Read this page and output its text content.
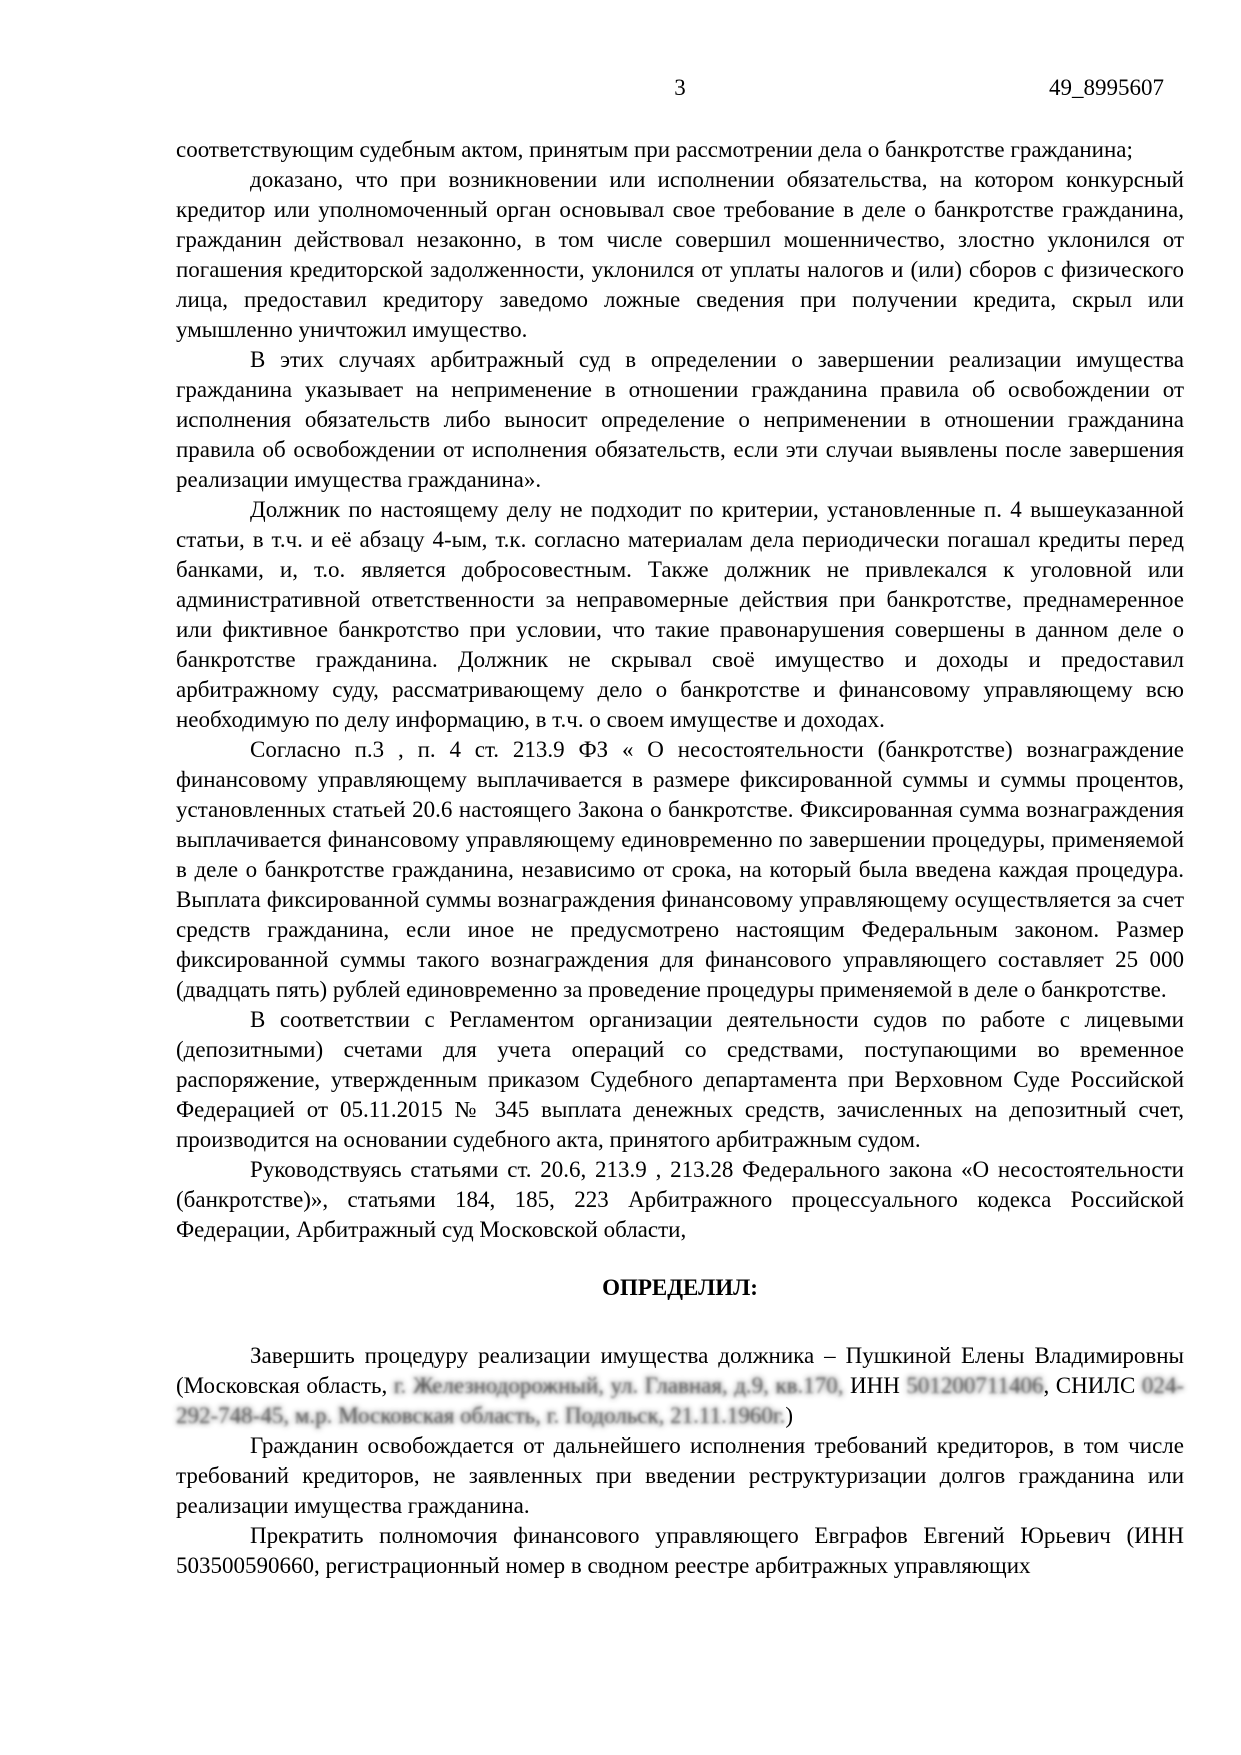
3	49_8995607

соответствующим судебным актом, принятым при рассмотрении дела о банкротстве гражданина;

доказано, что при возникновении или исполнении обязательства, на котором конкурсный кредитор или уполномоченный орган основывал свое требование в деле о банкротстве гражданина, гражданин действовал незаконно, в том числе совершил мошенничество, злостно уклонился от погашения кредиторской задолженности, уклонился от уплаты налогов и (или) сборов с физического лица, предоставил кредитору заведомо ложные сведения при получении кредита, скрыл или умышленно уничтожил имущество.

В этих случаях арбитражный суд в определении о завершении реализации имущества гражданина указывает на неприменение в отношении гражданина правила об освобождении от исполнения обязательств либо выносит определение о неприменении в отношении гражданина правила об освобождении от исполнения обязательств, если эти случаи выявлены после завершения реализации имущества гражданина».

Должник по настоящему делу не подходит по критерии, установленные п. 4 вышеуказанной статьи, в т.ч. и её абзацу 4-ым, т.к. согласно материалам дела периодически погашал кредиты перед банками, и, т.о. является добросовестным. Также должник не привлекался к уголовной или административной ответственности за неправомерные действия при банкротстве, преднамеренное или фиктивное банкротство при условии, что такие правонарушения совершены в данном деле о банкротстве гражданина. Должник не скрывал своё имущество и доходы и предоставил арбитражному суду, рассматривающему дело о банкротстве и финансовому управляющему всю необходимую по делу информацию, в т.ч. о своем имуществе и доходах.

Согласно п.3 , п. 4 ст. 213.9 ФЗ « О несостоятельности (банкротстве) вознаграждение финансовому управляющему выплачивается в размере фиксированной суммы и суммы процентов, установленных статьей 20.6 настоящего Закона о банкротстве. Фиксированная сумма вознаграждения выплачивается финансовому управляющему единовременно по завершении процедуры, применяемой в деле о банкротстве гражданина, независимо от срока, на который была введена каждая процедура. Выплата фиксированной суммы вознаграждения финансовому управляющему осуществляется за счет средств гражданина, если иное не предусмотрено настоящим Федеральным законом. Размер фиксированной суммы такого вознаграждения для финансового управляющего составляет 25 000 (двадцать пять) рублей единовременно за проведение процедуры применяемой в деле о банкротстве.

В соответствии с Регламентом организации деятельности судов по работе с лицевыми (депозитными) счетами для учета операций со средствами, поступающими во временное распоряжение, утвержденным приказом Судебного департамента при Верховном Суде Российской Федерацией от 05.11.2015 № 345 выплата денежных средств, зачисленных на депозитный счет, производится на основании судебного акта, принятого арбитражным судом.

Руководствуясь статьями ст. 20.6, 213.9 , 213.28 Федерального закона «О несостоятельности (банкротстве)», статьями 184, 185, 223 Арбитражного процессуального кодекса Российской Федерации, Арбитражный суд Московской области,

ОПРЕДЕЛИЛ:

Завершить процедуру реализации имущества должника – Пушкиной Елены Владимировны (Московская область, г. Железнодорожный, ул. Главная, д.9, кв.170, ИНН 501200711406, СНИЛС 024-292-748-45, м.р. Московская область, г. Подольск, 21.11.1960г.)

Гражданин освобождается от дальнейшего исполнения требований кредиторов, в том числе требований кредиторов, не заявленных при введении реструктуризации долгов гражданина или реализации имущества гражданина.

Прекратить полномочия финансового управляющего Евграфов Евгений Юрьевич (ИНН 503500590660, регистрационный номер в сводном реестре арбитражных управляющих
